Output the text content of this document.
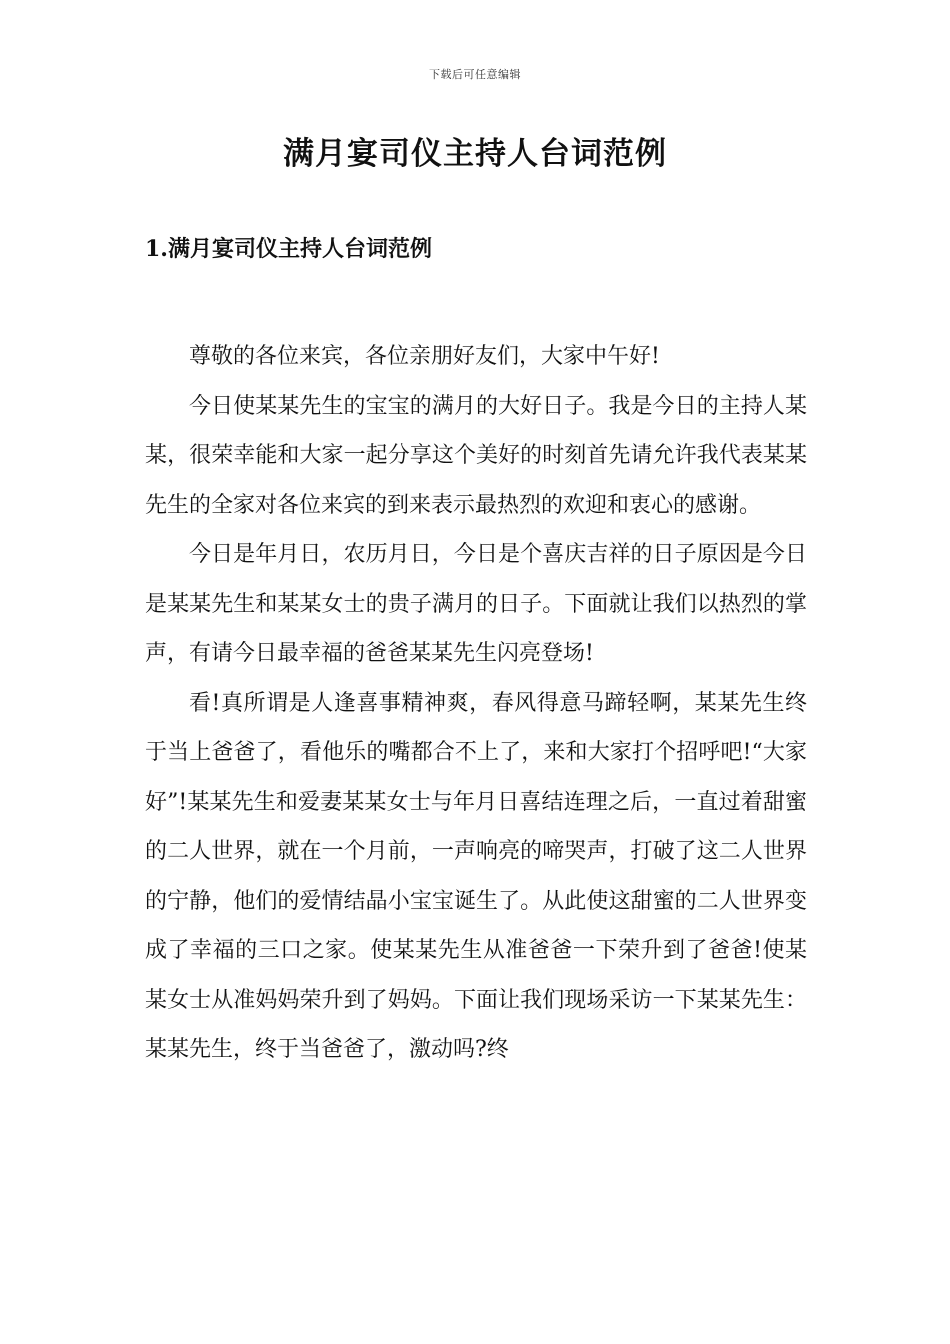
下载后可任意编辑
满月宴司仪主持人台词范例
1.满月宴司仪主持人台词范例

尊敬的各位来宾，各位亲朋好友们，大家中午好!

今日使某某先生的宝宝的满月的大好日子。我是今日的主持人某某，很荣幸能和大家一起分享这个美好的时刻首先请允许我代表某某先生的全家对各位来宾的到来表示最热烈的欢迎和衷心的感谢。

今日是年月日，农历月日，今日是个喜庆吉祥的日子原因是今日是某某先生和某某女士的贵子满月的日子。下面就让我们以热烈的掌声，有请今日最幸福的爸爸某某先生闪亮登场!

看!真所谓是人逢喜事精神爽，春风得意马蹄轻啊，某某先生终于当上爸爸了，看他乐的嘴都合不上了，来和大家打个招呼吧!“大家好”!某某先生和爱妻某某女士与年月日喜结连理之后，一直过着甜蜜的二人世界，就在一个月前，一声响亮的啼哭声，打破了这二人世界的宁静，他们的爱情结晶小宝宝诞生了。从此使这甜蜜的二人世界变成了幸福的三口之家。使某某先生从准爸爸一下荣升到了爸爸!使某某女士从准妈妈荣升到了妈妈。下面让我们现场采访一下某某先生：某某先生，终于当爸爸了，激动吗?终
